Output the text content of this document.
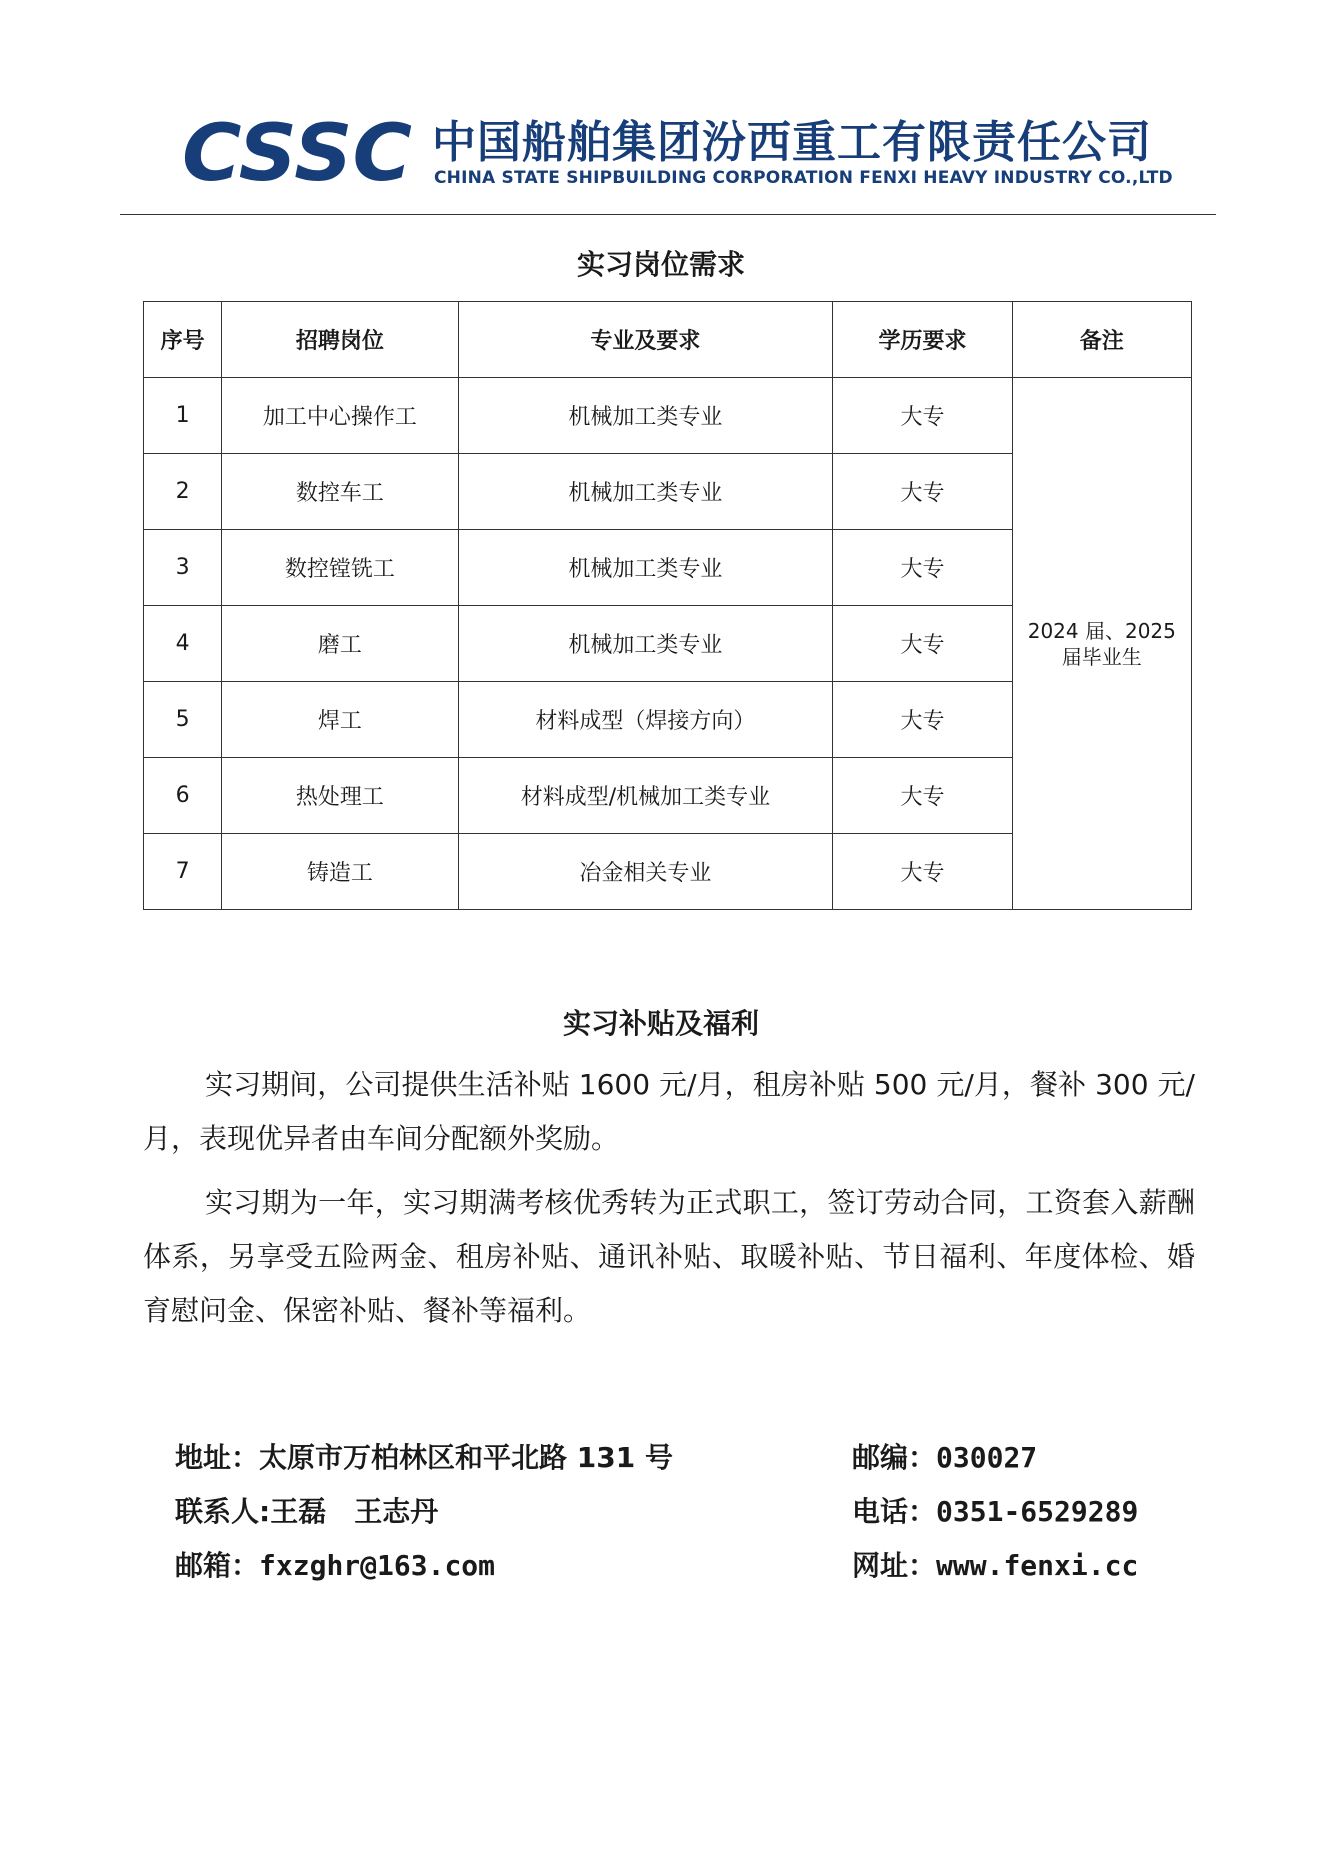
CSSC 中国船舶集团汾西重工有限责任公司
CHINA STATE SHIPBUILDING CORPORATION FENXI HEAVY INDUSTRY CO.,LTD
实习岗位需求
序号	招聘岗位	专业及要求	学历要求	备注
1	加工中心操作工	机械加工类专业	大专	2024 届、2025
届毕业生

2	数控车工	机械加工类专业	大专	
3	数控镗铣工	机械加工类专业	大专	
4	磨工	机械加工类专业	大专	
5	焊工	材料成型（焊接方向）	大专	
6	热处理工	材料成型/机械加工类专业	大专	
7	铸造工	冶金相关专业	大专	
实习补贴及福利
实习期间，公司提供生活补贴 1600 元/月，租房补贴 500 元/月，餐补 300 元/月，表现优异者由车间分配额外奖励。
实习期为一年，实习期满考核优秀转为正式职工，签订劳动合同，工资套入薪酬体系，另享受五险两金、租房补贴、通讯补贴、取暖补贴、节日福利、年度体检、婚育慰问金、保密补贴、餐补等福利。
地址：太原市万柏林区和平北路 131 号	邮编：030027
联系人:王磊　王志丹	电话：0351-6529289
邮箱：fxzghr@163.com	网址：www.fenxi.cc
